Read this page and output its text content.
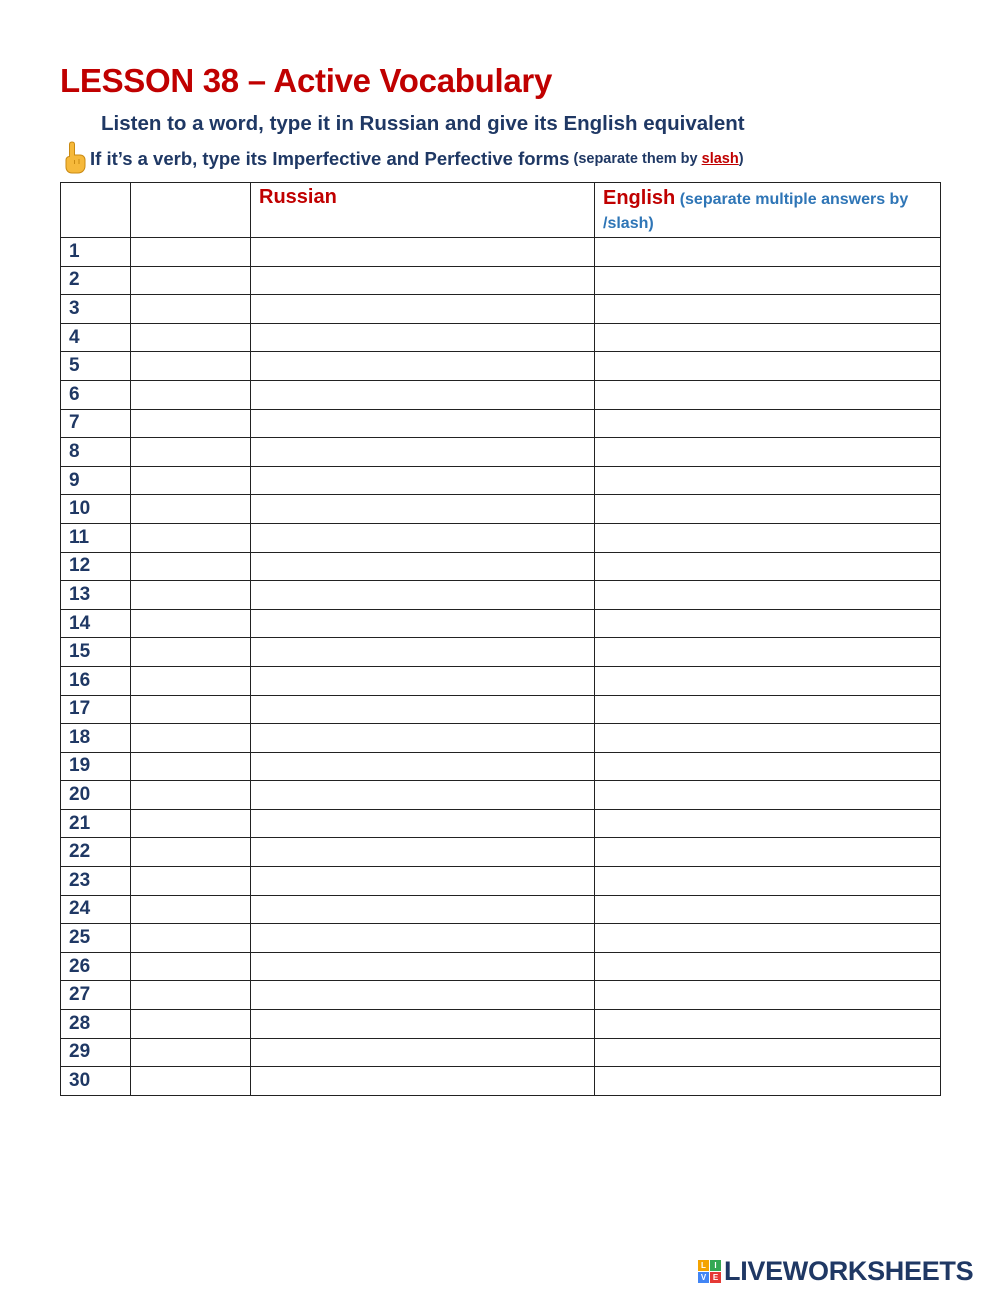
LESSON 38 – Active Vocabulary

Listen to a word, type it in Russian and give its English equivalent

If it’s a verb, type its Imperfective and Perfective forms (separate them by slash)

		Russian	English (separate multiple answers by /slash)

1			
2			
3			
4			
5			
6			
7			
8			
9			
10			
11			
12			
13			
14			
15			
16			
17			
18			
19			
20			
21			
22			
23			
24			
25			
26			
27			
28			
29			
30			
L	I
V E LIVEWORKSHEETS
